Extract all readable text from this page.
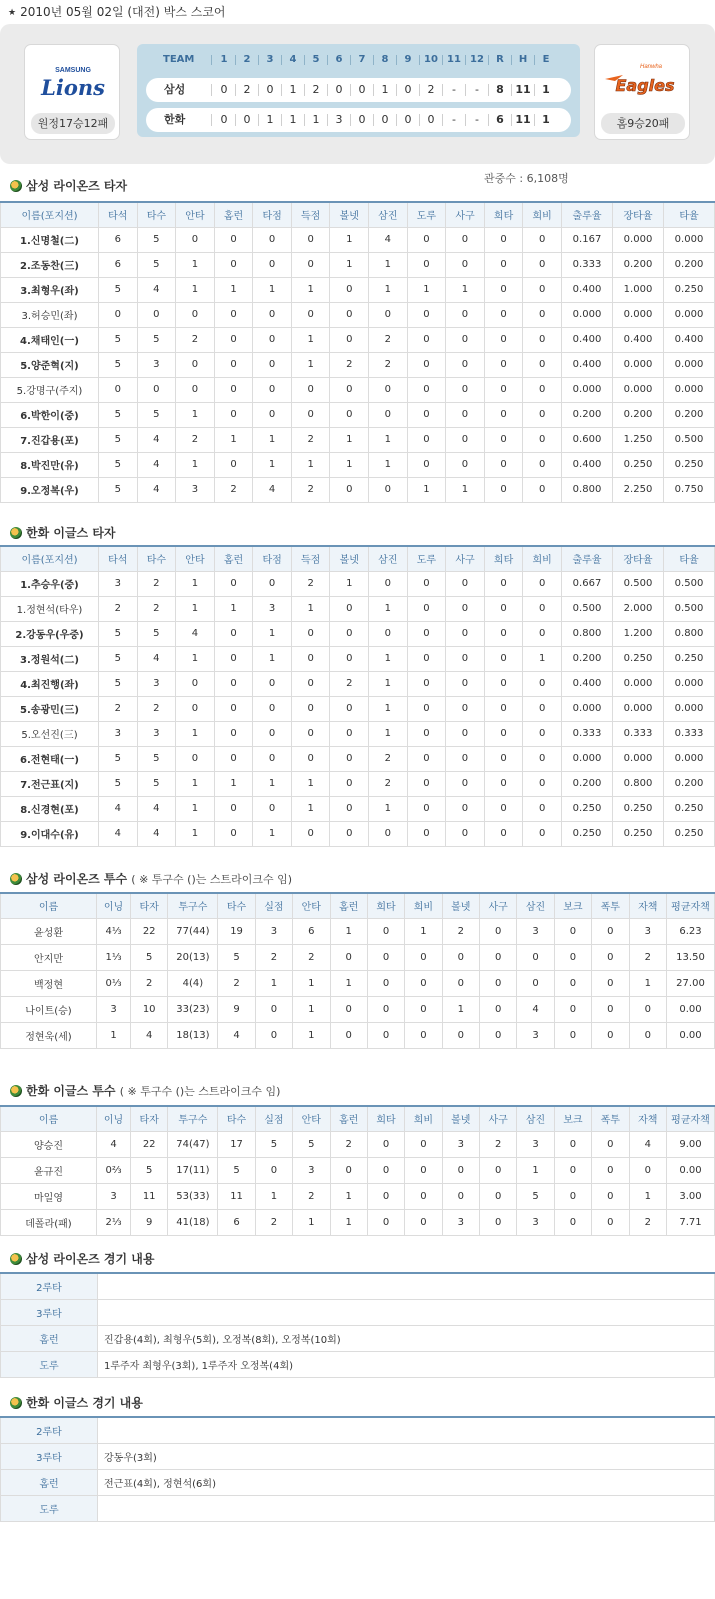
★ 2010년 05월 02일 (대전) 박스 스코어
SAMSUNG
Lions
원정17승12패
TEAM	1	2	3	4	5	6	7	8	9	10 11 12	R	H	E
삼성	0	2	0	1	2	0	0	1	0	2	-	-	8	11	1
한화	0	0	1	1	1	3	0	0	0	0	-	-	6	11	1
Hanwha
Eagles
홈9승20패
관중수 : 6,108명
삼성 라이온즈 타자
이름(포지션)	타석	타수	안타	홈런	타점	득점	볼넷	삼진	도루	사구	희타	희비	출루율	장타율	타율
1.신명철(二)	6	5	0	0	0	0	1	4	0	0	0	0	0.167	0.000	0.000
2.조동찬(三)	6	5	1	0	0	0	1	1	0	0	0	0	0.333	0.200	0.200
3.최형우(좌)	5	4	1	1	1	1	0	1	1	1	0	0	0.400	1.000	0.250
3.허승민(좌)	0	0	0	0	0	0	0	0	0	0	0	0	0.000	0.000	0.000
4.채태인(一)	5	5	2	0	0	1	0	2	0	0	0	0	0.400	0.400	0.400
5.양준혁(지)	5	3	0	0	0	1	2	2	0	0	0	0	0.400	0.000	0.000
5.강명구(주지)	0	0	0	0	0	0	0	0	0	0	0	0	0.000	0.000	0.000
6.박한이(중)	5	5	1	0	0	0	0	0	0	0	0	0	0.200	0.200	0.200
7.진갑용(포)	5	4	2	1	1	2	1	1	0	0	0	0	0.600	1.250	0.500
8.박진만(유)	5	4	1	0	1	1	1	1	0	0	0	0	0.400	0.250	0.250
9.오정복(우)	5	4	3	2	4	2	0	0	1	1	0	0	0.800	2.250	0.750
한화 이글스 타자
이름(포지션)	타석	타수	안타	홈런	타점	득점	볼넷	삼진	도루	사구	희타	희비	출루율	장타율	타율
1.추승우(중)	3	2	1	0	0	2	1	0	0	0	0	0	0.667	0.500	0.500
1.정현석(타우)	2	2	1	1	3	1	0	1	0	0	0	0	0.500	2.000	0.500
2.강동우(우중)	5	5	4	0	1	0	0	0	0	0	0	0	0.800	1.200	0.800
3.정원석(二)	5	4	1	0	1	0	0	1	0	0	0	1	0.200	0.250	0.250
4.최진행(좌)	5	3	0	0	0	0	2	1	0	0	0	0	0.400	0.000	0.000
5.송광민(三)	2	2	0	0	0	0	0	1	0	0	0	0	0.000	0.000	0.000
5.오선진(三)	3	3	1	0	0	0	0	1	0	0	0	0	0.333	0.333	0.333
6.전현태(一)	5	5	0	0	0	0	0	2	0	0	0	0	0.000	0.000	0.000
7.전근표(지)	5	5	1	1	1	1	0	2	0	0	0	0	0.200	0.800	0.200
8.신경현(포)	4	4	1	0	0	1	0	1	0	0	0	0	0.250	0.250	0.250
9.이대수(유)	4	4	1	0	1	0	0	0	0	0	0	0	0.250	0.250	0.250
삼성 라이온즈 투수 ( ※ 투구수 ()는 스트라이크수 임)
이름	이닝	타자	투구수	타수	실점	안타	홈런	희타	희비	볼넷	사구	삼진	보크	폭투	자책	평균자책
윤성환	4⅓	22	77(44)	19	3	6	1	0	1	2	0	3	0	0	3	6.23
안지만	1⅓	5	20(13)	5	2	2	0	0	0	0	0	0	0	0	2	13.50
백정현	0⅓	2	4(4)	2	1	1	1	0	0	0	0	0	0	0	1	27.00
나이트(승)	3	10	33(23)	9	0	1	0	0	0	1	0	4	0	0	0	0.00
정현욱(세)	1	4	18(13)	4	0	1	0	0	0	0	0	3	0	0	0	0.00
한화 이글스 투수 ( ※ 투구수 ()는 스트라이크수 임)
이름	이닝	타자	투구수	타수	실점	안타	홈런	희타	희비	볼넷	사구	삼진	보크	폭투	자책	평균자책
양승진	4	22	74(47)	17	5	5	2	0	0	3	2	3	0	0	4	9.00
윤규진	0⅔	5	17(11)	5	0	3	0	0	0	0	0	1	0	0	0	0.00
마일영	3	11	53(33)	11	1	2	1	0	0	0	0	5	0	0	1	3.00
데폴라(패)	2⅓	9	41(18)	6	2	1	1	0	0	3	0	3	0	0	2	7.71
삼성 라이온즈 경기 내용
2루타	
3루타	
홈런	진갑용(4회), 최형우(5회), 오정복(8회), 오정복(10회)
도루	1루주자 최형우(3회), 1루주자 오정복(4회)
한화 이글스 경기 내용
2루타	
3루타	강동우(3회)
홈런	전근표(4회), 정현석(6회)
도루	
